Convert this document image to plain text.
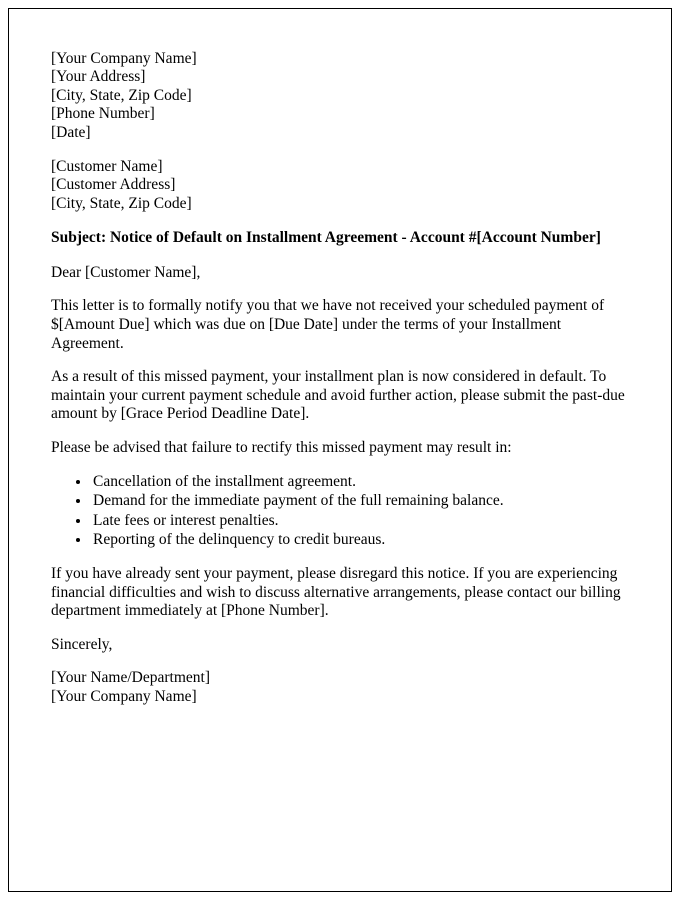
[Your Company Name]
[Your Address]
[City, State, Zip Code]
[Phone Number]
[Date]
[Customer Name]
[Customer Address]
[City, State, Zip Code]
Subject: Notice of Default on Installment Agreement - Account #[Account Number]
Dear [Customer Name],
This letter is to formally notify you that we have not received your scheduled payment of $[Amount Due] which was due on [Due Date] under the terms of your Installment Agreement.
As a result of this missed payment, your installment plan is now considered in default. To maintain your current payment schedule and avoid further action, please submit the past-due amount by [Grace Period Deadline Date].
Please be advised that failure to rectify this missed payment may result in:
• Cancellation of the installment agreement.
• Demand for the immediate payment of the full remaining balance.
• Late fees or interest penalties.
• Reporting of the delinquency to credit bureaus.
If you have already sent your payment, please disregard this notice. If you are experiencing financial difficulties and wish to discuss alternative arrangements, please contact our billing department immediately at [Phone Number].
Sincerely,
[Your Name/Department]
[Your Company Name]
